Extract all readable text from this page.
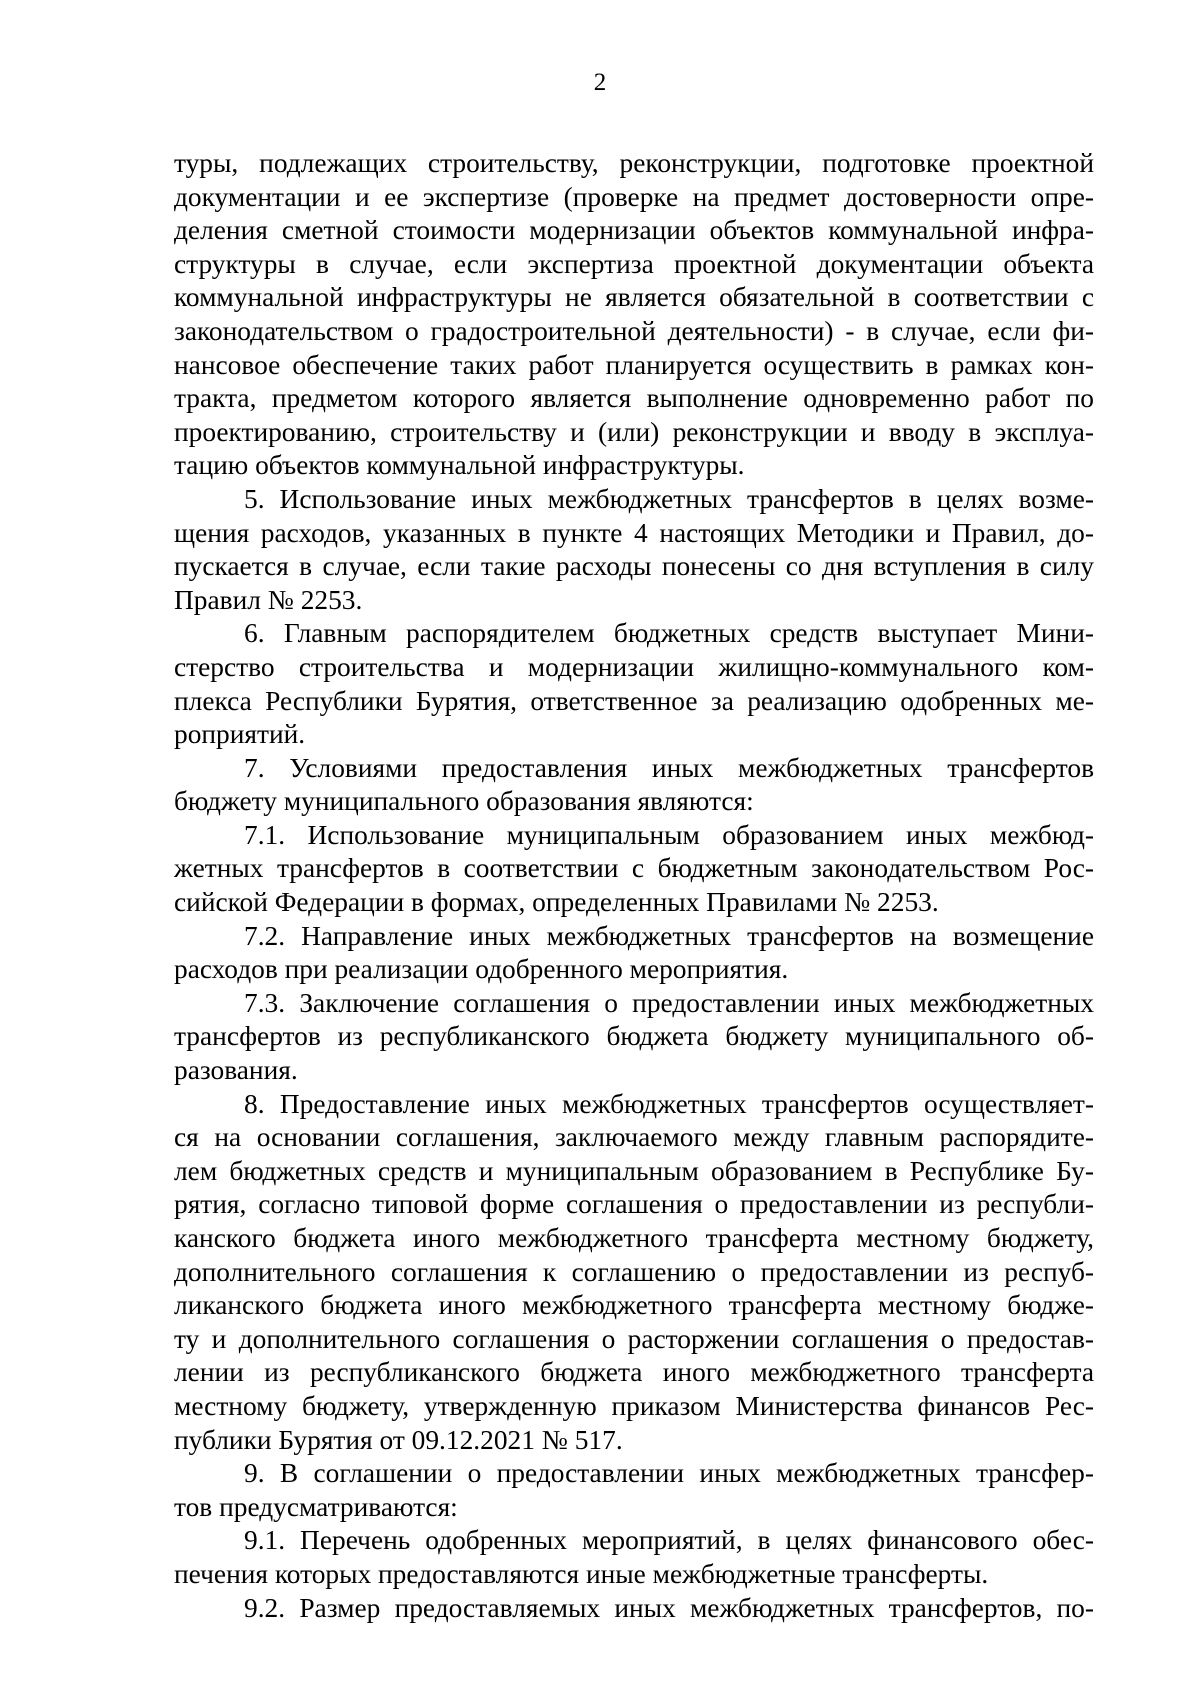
2
туры, подлежащих строительству, реконструкции, подготовке проектной
документации и ее экспертизе (проверке на предмет достоверности опре-
деления сметной стоимости модернизации объектов коммунальной инфра-
структуры в случае, если экспертиза проектной документации объекта
коммунальной инфраструктуры не является обязательной в соответствии с
законодательством о градостроительной деятельности) - в случае, если фи-
нансовое обеспечение таких работ планируется осуществить в рамках кон-
тракта, предметом которого является выполнение одновременно работ по
проектированию, строительству и (или) реконструкции и вводу в эксплуа-
тацию объектов коммунальной инфраструктуры.
5. Использование иных межбюджетных трансфертов в целях возме-
щения расходов, указанных в пункте 4 настоящих Методики и Правил, до-
пускается в случае, если такие расходы понесены со дня вступления в силу
Правил № 2253.
6. Главным распорядителем бюджетных средств выступает Мини-
стерство строительства и модернизации жилищно-коммунального ком-
плекса Республики Бурятия, ответственное за реализацию одобренных ме-
роприятий.
7. Условиями предоставления иных межбюджетных трансфертов
бюджету муниципального образования являются:
7.1. Использование муниципальным образованием иных межбюд-
жетных трансфертов в соответствии с бюджетным законодательством Рос-
сийской Федерации в формах, определенных Правилами № 2253.
7.2. Направление иных межбюджетных трансфертов на возмещение
расходов при реализации одобренного мероприятия.
7.3. Заключение соглашения о предоставлении иных межбюджетных
трансфертов из республиканского бюджета бюджету муниципального об-
разования.
8. Предоставление иных межбюджетных трансфертов осуществляет-
ся на основании соглашения, заключаемого между главным распорядите-
лем бюджетных средств и муниципальным образованием в Республике Бу-
рятия, согласно типовой форме соглашения о предоставлении из республи-
канского бюджета иного межбюджетного трансферта местному бюджету,
дополнительного соглашения к соглашению о предоставлении из респуб-
ликанского бюджета иного межбюджетного трансферта местному бюдже-
ту и дополнительного соглашения о расторжении соглашения о предостав-
лении из республиканского бюджета иного межбюджетного трансферта
местному бюджету, утвержденную приказом Министерства финансов Рес-
публики Бурятия от 09.12.2021 № 517.
9. В соглашении о предоставлении иных межбюджетных трансфер-
тов предусматриваются:
9.1. Перечень одобренных мероприятий, в целях финансового обес-
печения которых предоставляются иные межбюджетные трансферты.
9.2. Размер предоставляемых иных межбюджетных трансфертов, по-
